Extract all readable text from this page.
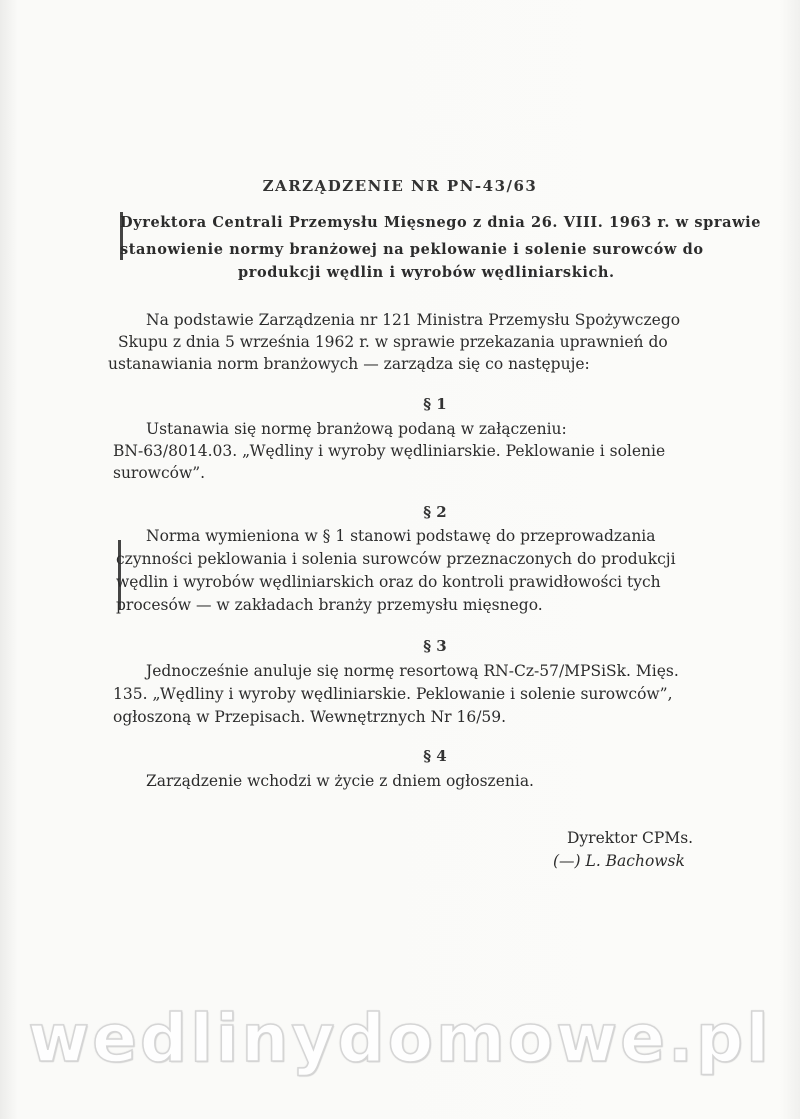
ZARZĄDZENIE NR PN-43/63
Dyrektora Centrali Przemysłu Mięsnego z dnia 26. VIII. 1963 r. w sprawie
stanowienie normy branżowej na peklowanie i solenie surowców do
produkcji wędlin i wyrobów wędliniarskich.
Na podstawie Zarządzenia nr 121 Ministra Przemysłu Spożywczego
Skupu z dnia 5 września 1962 r. w sprawie przekazania uprawnień do
ustanawiania norm branżowych — zarządza się co następuje:
§ 1
Ustanawia się normę branżową podaną w załączeniu:
BN-63/8014.03. „Wędliny i wyroby wędliniarskie. Peklowanie i solenie
surowców”.
§ 2
Norma wymieniona w § 1 stanowi podstawę do przeprowadzania
czynności peklowania i solenia surowców przeznaczonych do produkcji
wędlin i wyrobów wędliniarskich oraz do kontroli prawidłowości tych
procesów — w zakładach branży przemysłu mięsnego.
§ 3
Jednocześnie anuluje się normę resortową RN-Cz-57/MPSiSk. Mięs.
135. „Wędliny i wyroby wędliniarskie. Peklowanie i solenie surowców”,
ogłoszoną w Przepisach. Wewnętrznych Nr 16/59.
§ 4
Zarządzenie wchodzi w życie z dniem ogłoszenia.
Dyrektor CPMs.
(—) L. Bachowsk
wedlinydomowe.pl
